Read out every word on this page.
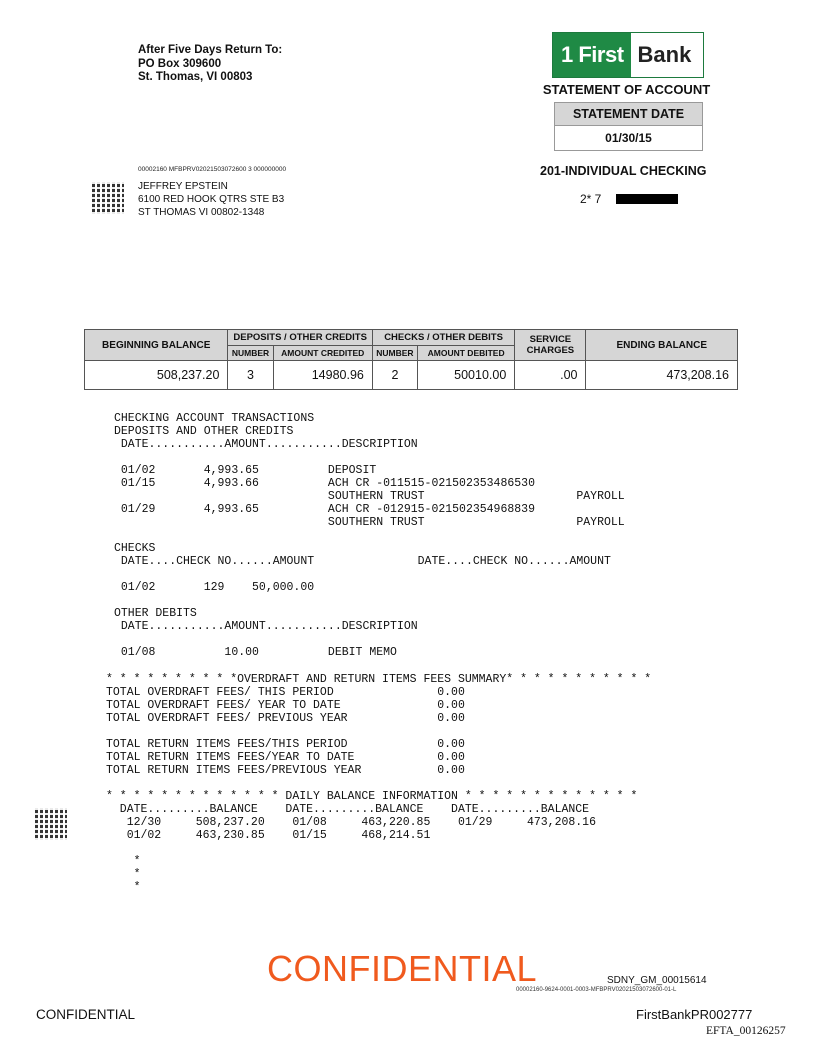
After Five Days Return To:
PO Box 309600
St. Thomas, VI 00803
1 First Bank
STATEMENT OF ACCOUNT
STATEMENT DATE
01/30/15
201-INDIVIDUAL CHECKING
2* 7
00002160 MFBPRV02021503072600 3 000000000
JEFFREY EPSTEIN
6100 RED HOOK QTRS STE B3
ST THOMAS VI 00802-1348
BEGINNING BALANCE	DEPOSITS / OTHER CREDITS		CHECKS / OTHER DEBITS		SERVICE CHARGES	ENDING BALANCE
	NUMBER	AMOUNT CREDITED	NUMBER	AMOUNT DEBITED		
508,237.20	3	14980.96	2	50010.00	.00	473,208.16
CHECKING ACCOUNT TRANSACTIONS
DEPOSITS AND OTHER CREDITS
DATE...........AMOUNT...........DESCRIPTION

01/02       4,993.65          DEPOSIT
01/15       4,993.66          ACH CR -011515-021502353486530
SOUTHERN TRUST                      PAYROLL
01/29       4,993.65          ACH CR -012915-021502354968839
SOUTHERN TRUST                      PAYROLL

CHECKS
DATE....CHECK NO......AMOUNT               DATE....CHECK NO......AMOUNT

01/02       129    50,000.00

OTHER DEBITS
DATE...........AMOUNT...........DESCRIPTION

01/08          10.00          DEBIT MEMO
* * * * * * * * * *OVERDRAFT AND RETURN ITEMS FEES SUMMARY* * * * * * * * * * *
TOTAL OVERDRAFT FEES/ THIS PERIOD               0.00
TOTAL OVERDRAFT FEES/ YEAR TO DATE              0.00
TOTAL OVERDRAFT FEES/ PREVIOUS YEAR             0.00

TOTAL RETURN ITEMS FEES/THIS PERIOD             0.00
TOTAL RETURN ITEMS FEES/YEAR TO DATE            0.00
TOTAL RETURN ITEMS FEES/PREVIOUS YEAR           0.00

* * * * * * * * * * * * * DAILY BALANCE INFORMATION * * * * * * * * * * * * *
DATE.........BALANCE    DATE.........BALANCE    DATE.........BALANCE
12/30     508,237.20    01/08     463,220.85    01/29     473,208.16
01/02     463,230.85    01/15     468,214.51

*
*
*
CONFIDENTIAL	SDNY_GM_00015614
00002160-9624-0001-0003-MFBPRV02021503072600-01-L
CONFIDENTIAL	FirstBankPR002777
EFTA_00126257
